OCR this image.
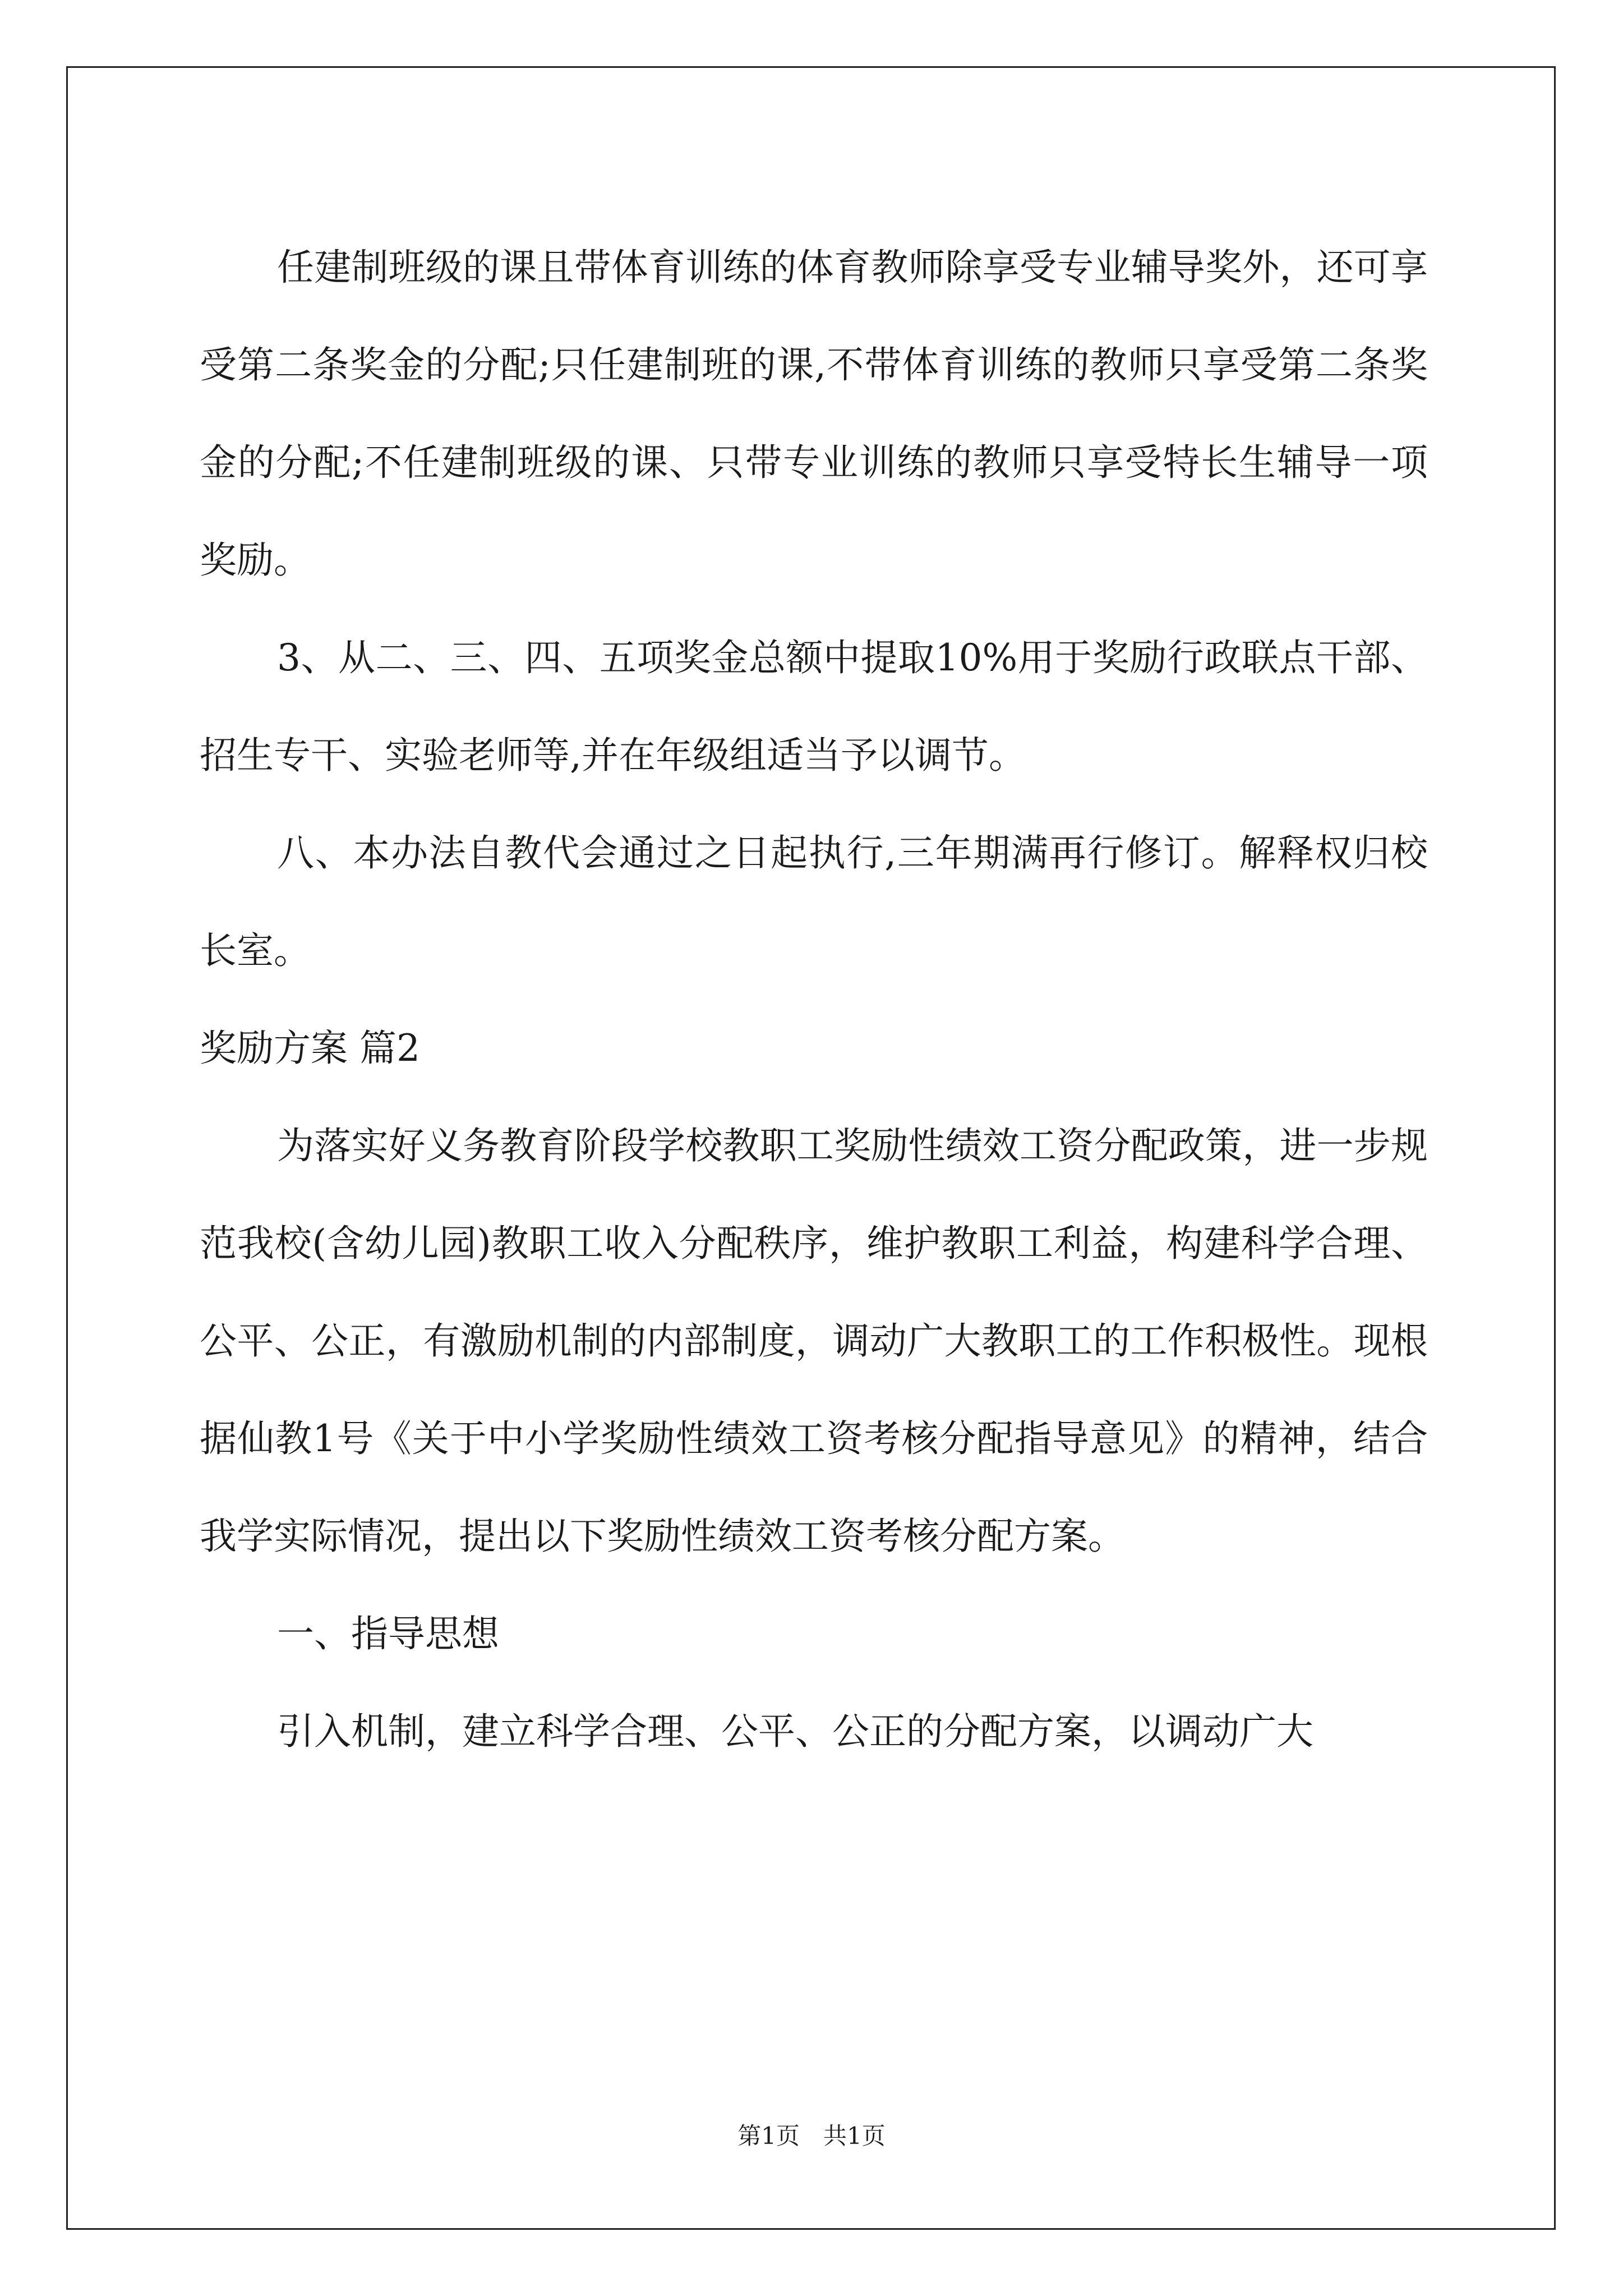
任建制班级的课且带体育训练的体育教师除享受专业辅导奖外，还可享受第二条奖金的分配;只任建制班的课,不带体育训练的教师只享受第二条奖金的分配;不任建制班级的课、只带专业训练的教师只享受特长生辅导一项奖励。

3、从二、三、四、五项奖金总额中提取10%用于奖励行政联点干部、招生专干、实验老师等,并在年级组适当予以调节。

八、本办法自教代会通过之日起执行,三年期满再行修订。解释权归校长室。

奖励方案 篇2

为落实好义务教育阶段学校教职工奖励性绩效工资分配政策，进一步规范我校(含幼儿园)教职工收入分配秩序，维护教职工利益，构建科学合理、公平、公正，有激励机制的内部制度，调动广大教职工的工作积极性。现根据仙教1号《关于中小学奖励性绩效工资考核分配指导意见》的精神，结合我学实际情况，提出以下奖励性绩效工资考核分配方案。

一、指导思想

引入机制，建立科学合理、公平、公正的分配方案，以调动广大

第1页　共1页
